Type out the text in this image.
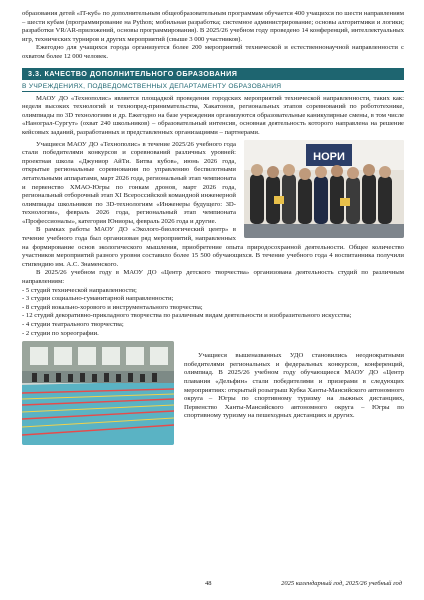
образования детей «IT-куб» по дополнительным общеобразовательным программам обучается 400 учащихся по шести направлениям – шести кубам (программирование на Python; мобильная разработка; системное администрирование; основы алгоритмики и логики; разработки VR/AR-приложений, основы программирования). В 2025/26 учебном году проведено 14 конференций, интеллектуальных игр, технических турниров и других мероприятий (свыше 3 000 участников).

Ежегодно для учащихся города организуется более 200 мероприятий технической и естественнонаучной направленности с охватом более 12 000 человек.

3.3. КАЧЕСТВО ДОПОЛНИТЕЛЬНОГО ОБРАЗОВАНИЯ
В УЧРЕЖДЕНИЯХ, ПОДВЕДОМСТВЕННЫХ ДЕПАРТАМЕНТУ ОБРАЗОВАНИЯ

МАОУ ДО «Технополис» является площадкой проведения городских мероприятий технической направленности, таких как: неделя высоких технологий и технопред-принимательства, Хакатонов, региональных этапов соревнований по робототехнике, олимпиады по 3D технологиям и др. Ежегодно на базе учреждения организуются образовательные каникулярные смены, в том числе «Нанограл-Сургут» (охват 240 школьников) – образовательный интенсив, основная деятельность которого направлена на решение кейсовых заданий, разработанных и представленных организациями – партнерами.

НОРИ

Учащиеся МАОУ ДО «Технополис» в течение 2025/26 учебного года стали победителями конкурсов и соревнований различных уровней: проектная школа «Джуниор АйТи. Битва кубов», июнь 2026 года, открытые региональные соревнования по управлению беспилотными летательными аппаратами, март 2026 года, региональный этап чемпионата и первенство ХМАО-Югры по гонкам дронов, март 2026 года, региональный отборочный этап XI Всероссийской командной инженерной олимпиады школьников по 3D-технологиям «Инженеры будущего: 3D-технологии», февраль 2026 года, региональный этап чемпионата «Профессионалы», категория Юниоры, февраль 2026 года и другие.

В рамках работы МАОУ ДО «Эколого-биологический центр» в течение учебного года был организован ряд мероприятий, направленных на формирование основ экологического мышления, приобретение опыта природосохранной деятельности. Общее количество участников мероприятий разного уровня составило более 15 500 обучающихся. В течение учебного года 4 воспитанника получили стипендию им. А.С. Знаменского.

В 2025/26 учебном году в МАОУ ДО «Центр детского творчества» организована деятельность студий по различным направлениям:

- 5 студий технической направленности;

- 3 студии социально-гуманитарной направленности;

- 8 студий вокально-хорового и инструментального творчества;

- 12 студий декоративно-прикладного творчества по различным видам деятельности и изобразительного искусства;

- 4 студии театрального творчества;

- 2 студии по хореографии.

Учащиеся вышеназванных УДО становились неоднократными победителями региональных и федеральных конкурсов, конференций, олимпиад. В 2025/26 учебном году обучающиеся МАОУ ДО «Центр плавания «Дельфин» стали победителями и призерами в следующих мероприятиях: открытый розыгрыш Кубка Ханты-Мансийского автономного округа – Югры по спортивному туризму на лыжных дистанциях, Первенство Ханты-Мансийского автономного округа – Югры по спортивному туризму на пешеходных дистанциях и других.

48	2025 календарный год, 2025/26 учебный год
